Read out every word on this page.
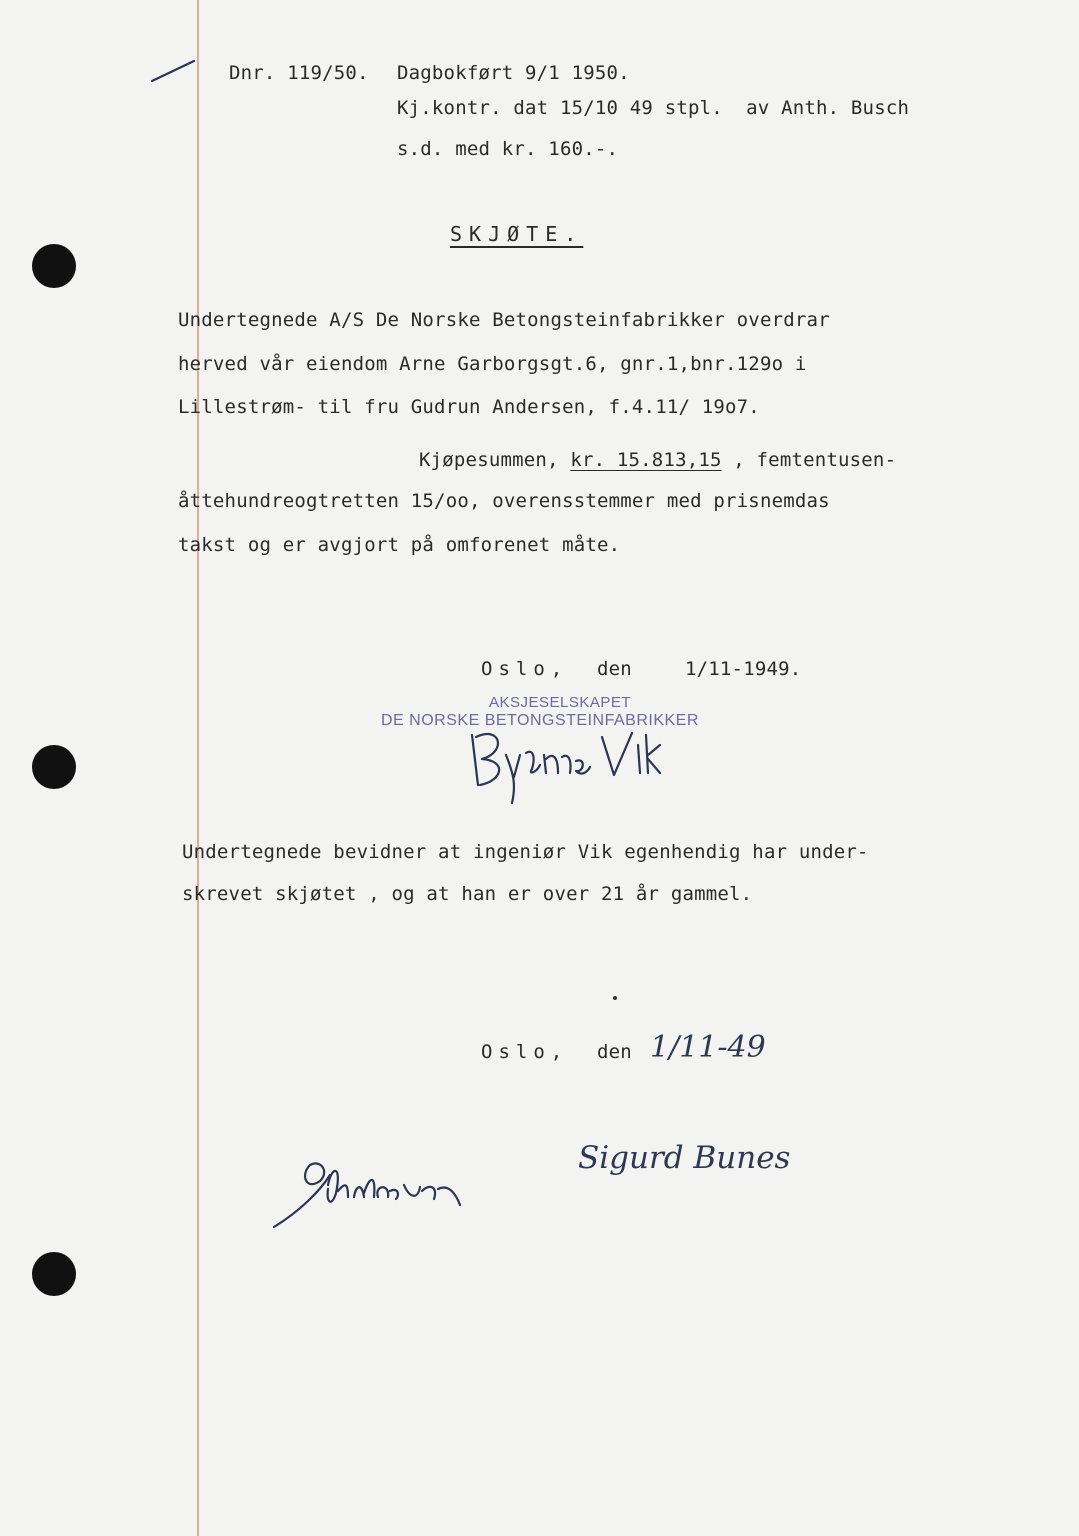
Dnr. 119/50. Dagbokført 9/1 1950.
Kj.kontr. dat 15/10 49 stpl.  av Anth. Busch
s.d. med kr. 160.-.
SKJØTE.
Undertegnede A/S De Norske Betongsteinfabrikker overdrar
herved vår eiendom Arne Garborgsgt.6, gnr.1,bnr.129o i
Lillestrøm- til fru Gudrun Andersen, f.4.11/ 19o7.
Kjøpesummen, kr. 15.813,15 , femtentusen-
åttehundreogtretten 15/oo, overensstemmer med prisnemdas
takst og er avgjort på omforenet måte.
Oslo, den	1/11-1949.
AKSJESELSKAPET
DE NORSKE BETONGSTEINFABRIKKER
Undertegnede bevidner at ingeniør Vik egenhendig har under-
skrevet skjøtet , og at han er over 21 år gammel.
Oslo, den 1/11-49
Sigurd Bunes
